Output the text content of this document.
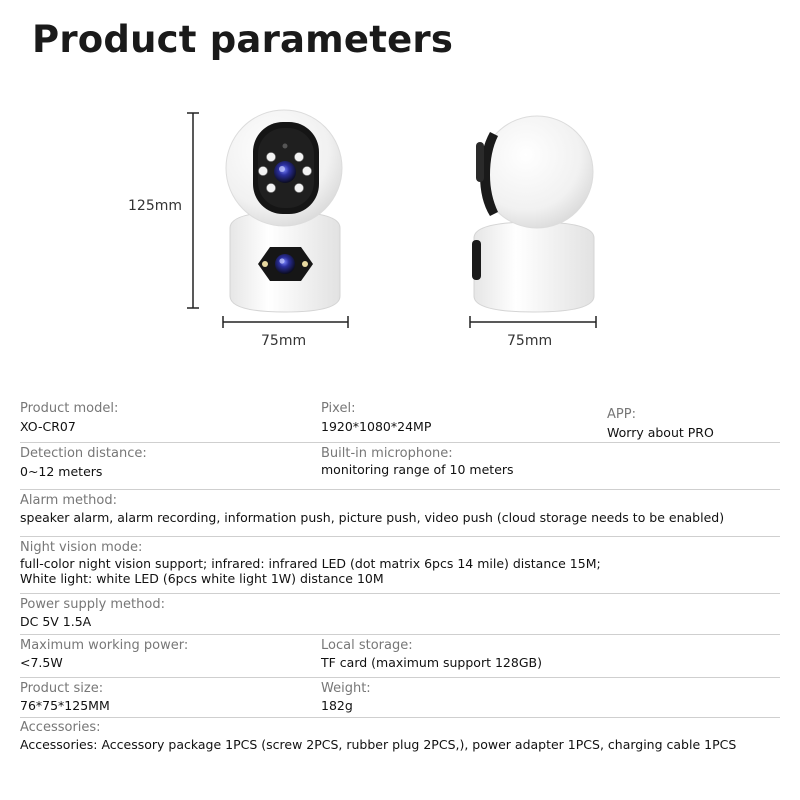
Product parameters
125mm
75mm	75mm
Product model:
XO-CR07
Pixel:
1920*1080*24MP
APP:
Worry about PRO
Detection distance:
0~12 meters
Built-in microphone:
monitoring range of 10 meters
Alarm method:
speaker alarm, alarm recording, information push, picture push, video push (cloud storage needs to be enabled)
Night vision mode:
full-color night vision support; infrared: infrared LED (dot matrix 6pcs 14 mile) distance 15M;
White light: white LED (6pcs white light 1W) distance 10M
Power supply method:
DC 5V 1.5A
Maximum working power:
<7.5W
Local storage:
TF card (maximum support 128GB)
Product size:
76*75*125MM
Weight:
182g
Accessories:
Accessories: Accessory package 1PCS (screw 2PCS, rubber plug 2PCS,), power adapter 1PCS, charging cable 1PCS
